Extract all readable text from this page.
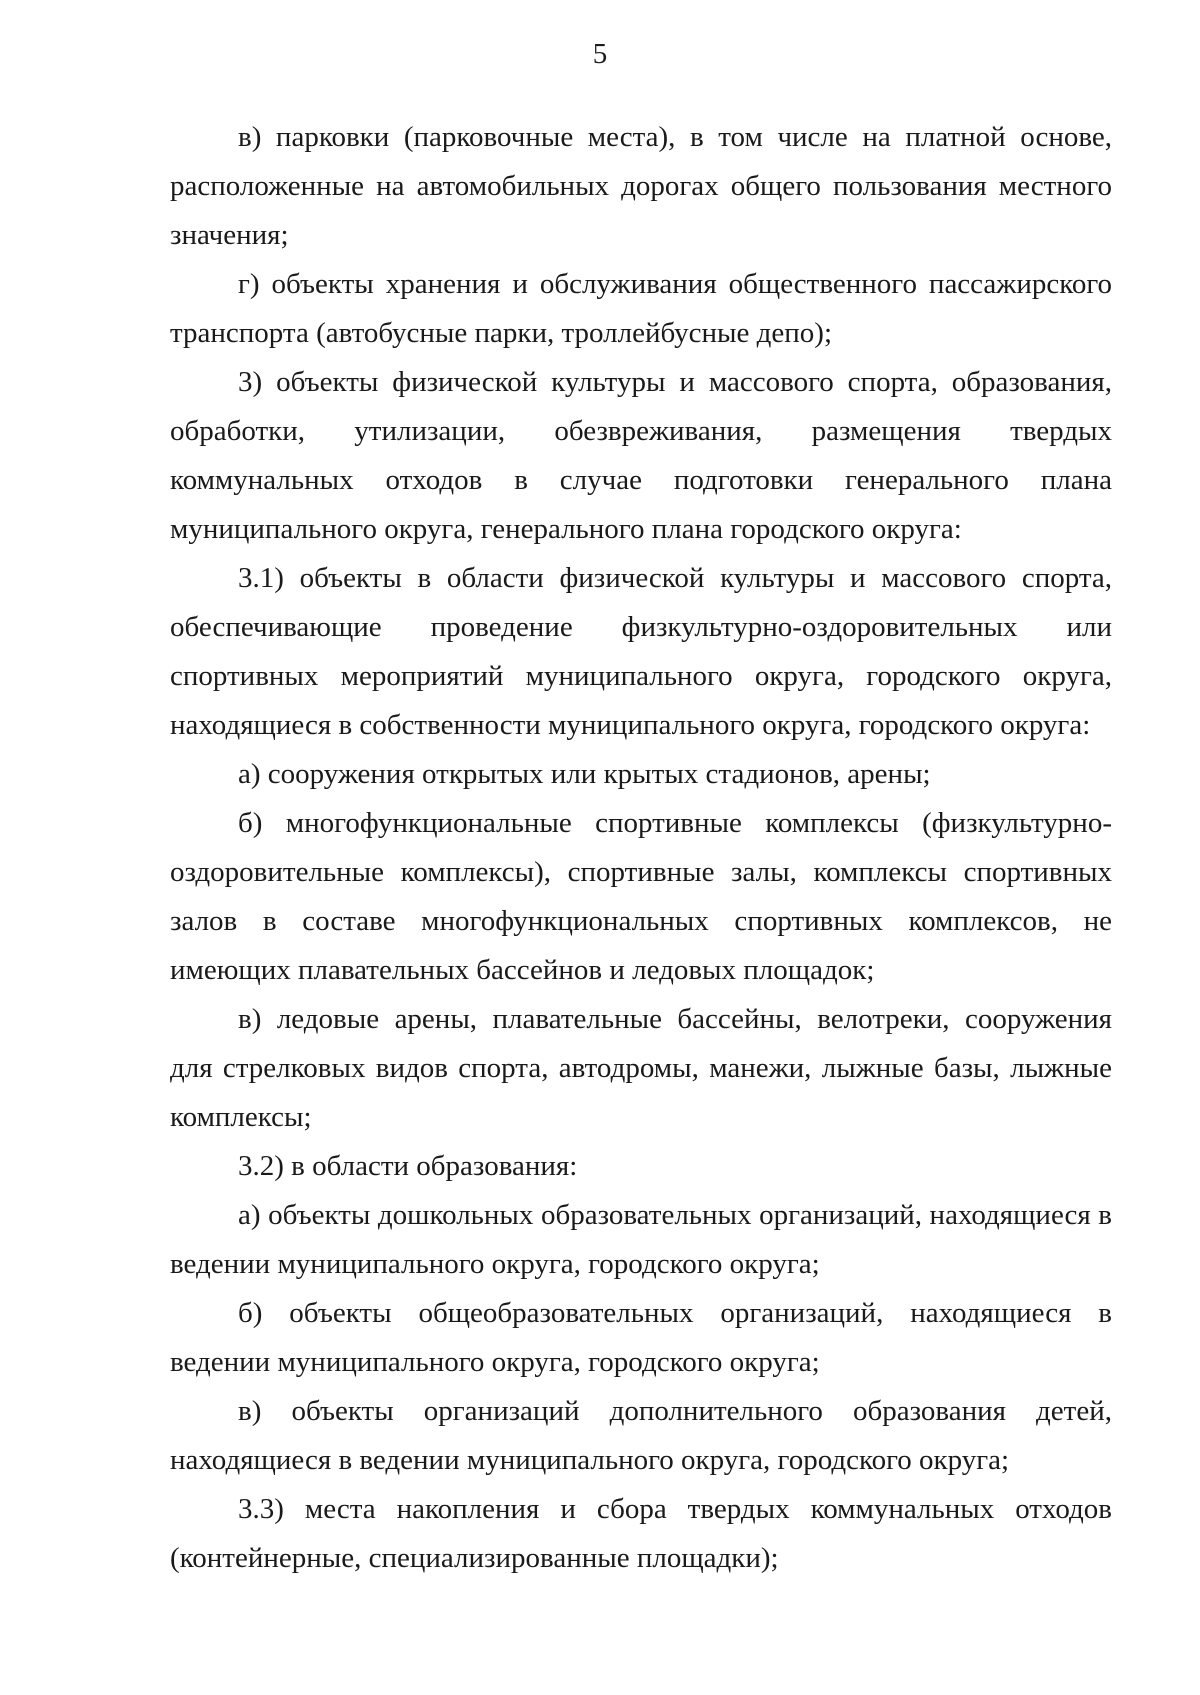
5

в) парковки (парковочные места), в том числе на платной основе, расположенные на автомобильных дорогах общего пользования местного значения;

г) объекты хранения и обслуживания общественного пассажирского транспорта (автобусные парки, троллейбусные депо);

3) объекты физической культуры и массового спорта, образования, обработки, утилизации, обезвреживания, размещения твердых коммунальных отходов в случае подготовки генерального плана муниципального округа, генерального плана городского округа:

3.1) объекты в области физической культуры и массового спорта, обеспечивающие проведение физкультурно-оздоровительных или спортивных мероприятий муниципального округа, городского округа, находящиеся в собственности муниципального округа, городского округа:

а) сооружения открытых или крытых стадионов, арены;

б) многофункциональные спортивные комплексы (физкультурно-оздоровительные комплексы), спортивные залы, комплексы спортивных залов в составе многофункциональных спортивных комплексов, не имеющих плавательных бассейнов и ледовых площадок;

в) ледовые арены, плавательные бассейны, велотреки, сооружения для стрелковых видов спорта, автодромы, манежи, лыжные базы, лыжные комплексы;

3.2) в области образования:

а) объекты дошкольных образовательных организаций, находящиеся в ведении муниципального округа, городского округа;

б) объекты общеобразовательных организаций, находящиеся в ведении муниципального округа, городского округа;

в) объекты организаций дополнительного образования детей, находящиеся в ведении муниципального округа, городского округа;

3.3) места накопления и сбора твердых коммунальных отходов (контейнерные, специализированные площадки);
